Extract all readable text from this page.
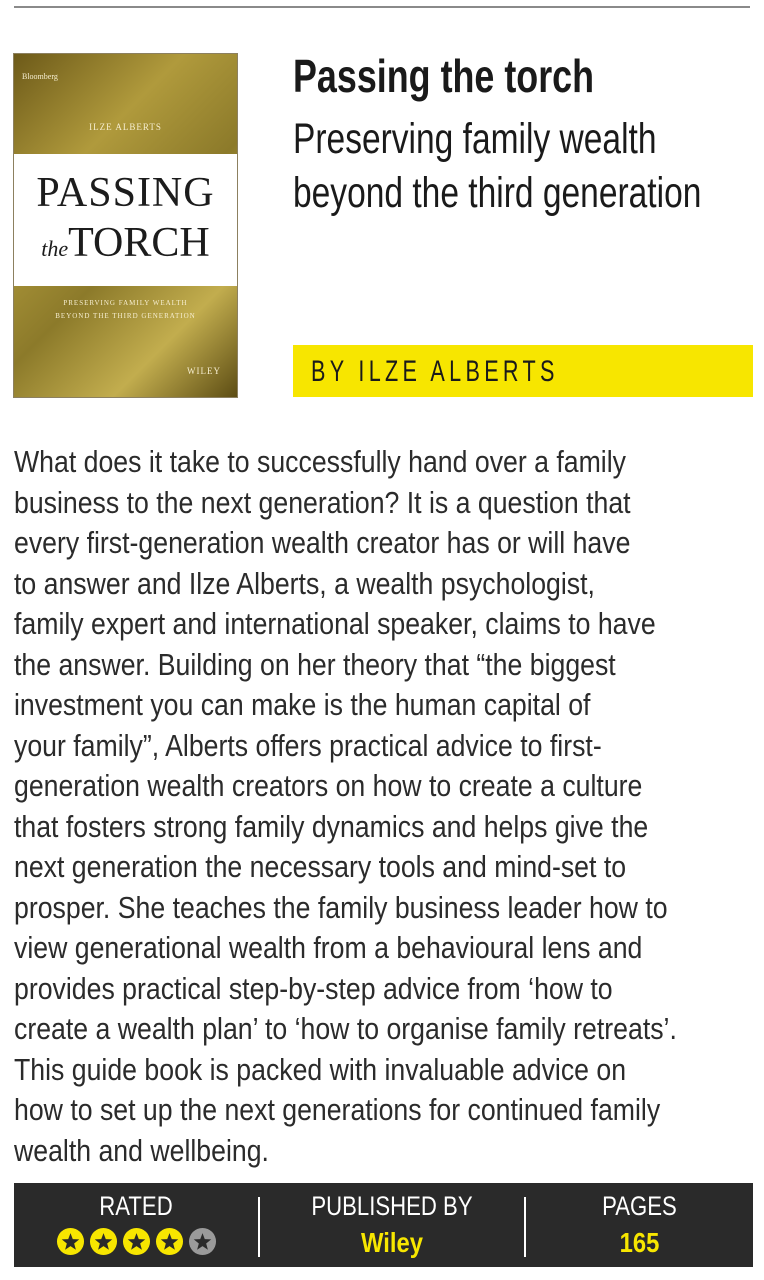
Bloomberg
ILZE ALBERTS
PASSING
theTORCH
PRESERVING FAMILY WEALTH
BEYOND THE THIRD GENERATION
WILEY
Passing the torch
Preserving family wealth
beyond the third generation
BY ILZE ALBERTS
What does it take to successfully hand over a family
business to the next generation? It is a question that
every first-generation wealth creator has or will have
to answer and Ilze Alberts, a wealth psychologist,
family expert and international speaker, claims to have
the answer. Building on her theory that “the biggest
investment you can make is the human capital of
your family”, Alberts offers practical advice to first-
generation wealth creators on how to create a culture
that fosters strong family dynamics and helps give the
next generation the necessary tools and mind-set to
prosper. She teaches the family business leader how to
view generational wealth from a behavioural lens and
provides practical step-by-step advice from ‘how to
create a wealth plan’ to ‘how to organise family retreats’.
This guide book is packed with invaluable advice on
how to set up the next generations for continued family
wealth and wellbeing.
RATED	PUBLISHED BY
Wiley
PAGES
165
